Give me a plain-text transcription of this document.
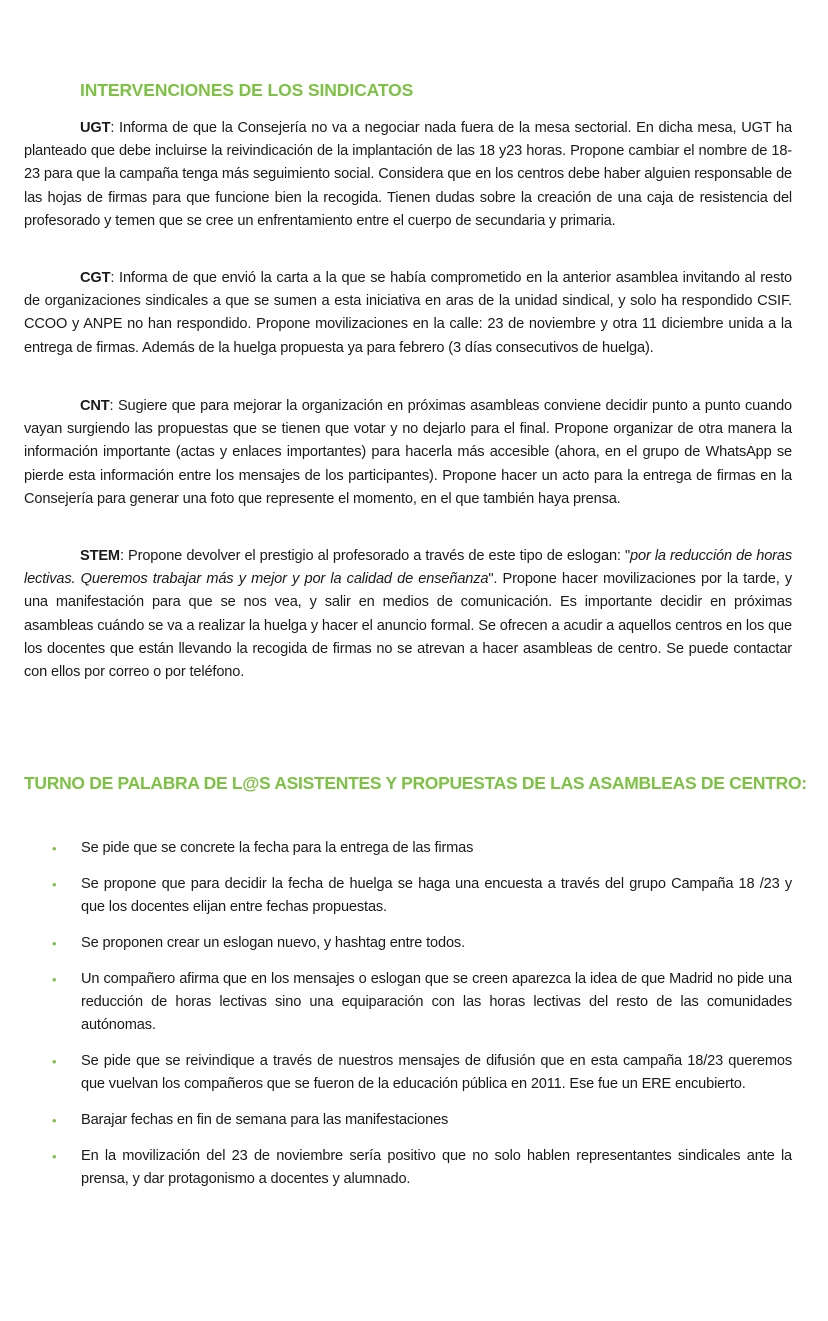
INTERVENCIONES DE LOS SINDICATOS

UGT: Informa de que la Consejería no va a negociar nada fuera de la mesa sectorial. En dicha mesa, UGT ha planteado que debe incluirse la reivindicación de la implantación de las 18 y23 horas. Propone cambiar el nombre de 18-23 para que la campaña tenga más seguimiento social. Considera que en los centros debe haber alguien responsable de las hojas de firmas para que funcione bien la recogida. Tienen dudas sobre la creación de una caja de resistencia del profesorado y temen que se cree un enfrentamiento entre el cuerpo de secundaria y primaria.

CGT: Informa de que envió la carta a la que se había comprometido en la anterior asamblea invitando al resto de organizaciones sindicales a que se sumen a esta iniciativa en aras de la unidad sindical, y solo ha respondido CSIF. CCOO y ANPE no han respondido. Propone movilizaciones en la calle: 23 de noviembre y otra 11 diciembre unida a la entrega de firmas. Además de la huelga propuesta ya para febrero (3 días consecutivos de huelga).

CNT: Sugiere que para mejorar la organización en próximas asambleas conviene decidir punto a punto cuando vayan surgiendo las propuestas que se tienen que votar y no dejarlo para el final. Propone organizar de otra manera la información importante (actas y enlaces importantes) para hacerla más accesible (ahora, en el grupo de WhatsApp se pierde esta información entre los mensajes de los participantes). Propone hacer un acto para la entrega de firmas en la Consejería para generar una foto que represente el momento, en el que también haya prensa.

STEM: Propone devolver el prestigio al profesorado a través de este tipo de eslogan: "por la reducción de horas lectivas. Queremos trabajar más y mejor y por la calidad de enseñanza". Propone hacer movilizaciones por la tarde, y una manifestación para que se nos vea, y salir en medios de comunicación. Es importante decidir en próximas asambleas cuándo se va a realizar la huelga y hacer el anuncio formal. Se ofrecen a acudir a aquellos centros en los que los docentes que están llevando la recogida de firmas no se atrevan a hacer asambleas de centro. Se puede contactar con ellos por correo o por teléfono.

TURNO DE PALABRA DE L@S ASISTENTES Y PROPUESTAS DE LAS ASAMBLEAS DE CENTRO:
• Se pide que se concrete la fecha para la entrega de las firmas
• Se propone que para decidir la fecha de huelga se haga una encuesta a través del grupo Campaña 18 /23 y que los docentes elijan entre fechas propuestas.
• Se proponen crear un eslogan nuevo, y hashtag entre todos.
• Un compañero afirma que en los mensajes o eslogan que se creen aparezca la idea de que Madrid no pide una reducción de horas lectivas sino una equiparación con las horas lectivas del resto de las comunidades autónomas.
• Se pide que se reivindique a través de nuestros mensajes de difusión que en esta campaña 18/23 queremos que vuelvan los compañeros que se fueron de la educación pública en 2011. Ese fue un ERE encubierto.
• Barajar fechas en fin de semana para las manifestaciones
• En la movilización del 23 de noviembre sería positivo que no solo hablen representantes sindicales ante la prensa, y dar protagonismo a docentes y alumnado.
